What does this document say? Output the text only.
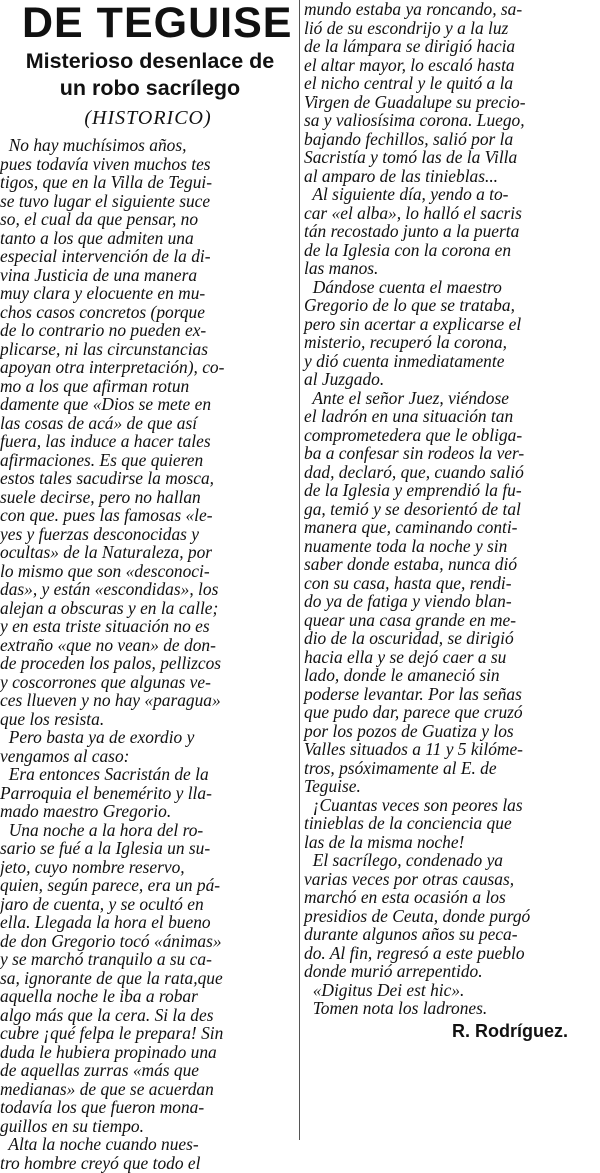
DE TEGUISE
Misterioso desenlace de
un robo sacrílego
(HISTORICO)
No hay muchísimos años,
pues todavía viven muchos tes
tigos, que en la Villa de Tegui-
se tuvo lugar el siguiente suce
so, el cual da que pensar, no
tanto a los que admiten una
especial intervención de la di-
vina Justicia de una manera
muy clara y elocuente en mu-
chos casos concretos (porque
de lo contrario no pueden ex-
plicarse, ni las circunstancias
apoyan otra interpretación), co-
mo a los que afirman rotun
damente que «Dios se mete en
las cosas de acá» de que así
fuera, las induce a hacer tales
afirmaciones. Es que quieren
estos tales sacudirse la mosca,
suele decirse, pero no hallan
con que. pues las famosas «le-
yes y fuerzas desconocidas y
ocultas» de la Naturaleza, por
lo mismo que son «desconoci-
das», y están «escondidas», los
alejan a obscuras y en la calle;
y en esta triste situación no es
extraño «que no vean» de don-
de proceden los palos, pellizcos
y coscorrones que algunas ve-
ces llueven y no hay «paragua»
que los resista.
Pero basta ya de exordio y
vengamos al caso:
Era entonces Sacristán de la
Parroquia el benemérito y lla-
mado maestro Gregorio.
Una noche a la hora del ro-
sario se fué a la Iglesia un su-
jeto, cuyo nombre reservo,
quien, según parece, era un pá-
jaro de cuenta, y se ocultó en
ella. Llegada la hora el bueno
de don Gregorio tocó «ánimas»
y se marchó tranquilo a su ca-
sa, ignorante de que la rata,que
aquella noche le iba a robar
algo más que la cera. Si la des
cubre ¡qué felpa le prepara! Sin
duda le hubiera propinado una
de aquellas zurras «más que
medianas» de que se acuerdan
todavía los que fueron mona-
guillos en su tiempo.
Alta la noche cuando nues-
tro hombre creyó que todo el
mundo estaba ya roncando, sa-
lió de su escondrijo y a la luz
de la lámpara se dirigió hacia
el altar mayor, lo escaló hasta
el nicho central y le quitó a la
Virgen de Guadalupe su precio-
sa y valiosísima corona. Luego,
bajando fechillos, salió por la
Sacristía y tomó las de la Villa
al amparo de las tinieblas...
Al siguiente día, yendo a to-
car «el alba», lo halló el sacris
tán recostado junto a la puerta
de la Iglesia con la corona en
las manos.
Dándose cuenta el maestro
Gregorio de lo que se trataba,
pero sin acertar a explicarse el
misterio, recuperó la corona,
y dió cuenta inmediatamente
al Juzgado.
Ante el señor Juez, viéndose
el ladrón en una situación tan
comprometedera que le obliga-
ba a confesar sin rodeos la ver-
dad, declaró, que, cuando salió
de la Iglesia y emprendió la fu-
ga, temió y se desorientó de tal
manera que, caminando conti-
nuamente toda la noche y sin
saber donde estaba, nunca dió
con su casa, hasta que, rendi-
do ya de fatiga y viendo blan-
quear una casa grande en me-
dio de la oscuridad, se dirigió
hacia ella y se dejó caer a su
lado, donde le amaneció sin
poderse levantar. Por las señas
que pudo dar, parece que cruzó
por los pozos de Guatiza y los
Valles situados a 11 y 5 kilóme-
tros, psóximamente al E. de
Teguise.
¡Cuantas veces son peores las
tinieblas de la conciencia que
las de la misma noche!
El sacrílego, condenado ya
varias veces por otras causas,
marchó en esta ocasión a los
presidios de Ceuta, donde purgó
durante algunos años su peca-
do. Al fin, regresó a este pueblo
donde murió arrepentido.
«Digitus Dei est hic».
Tomen nota los ladrones.
R. Rodríguez.
